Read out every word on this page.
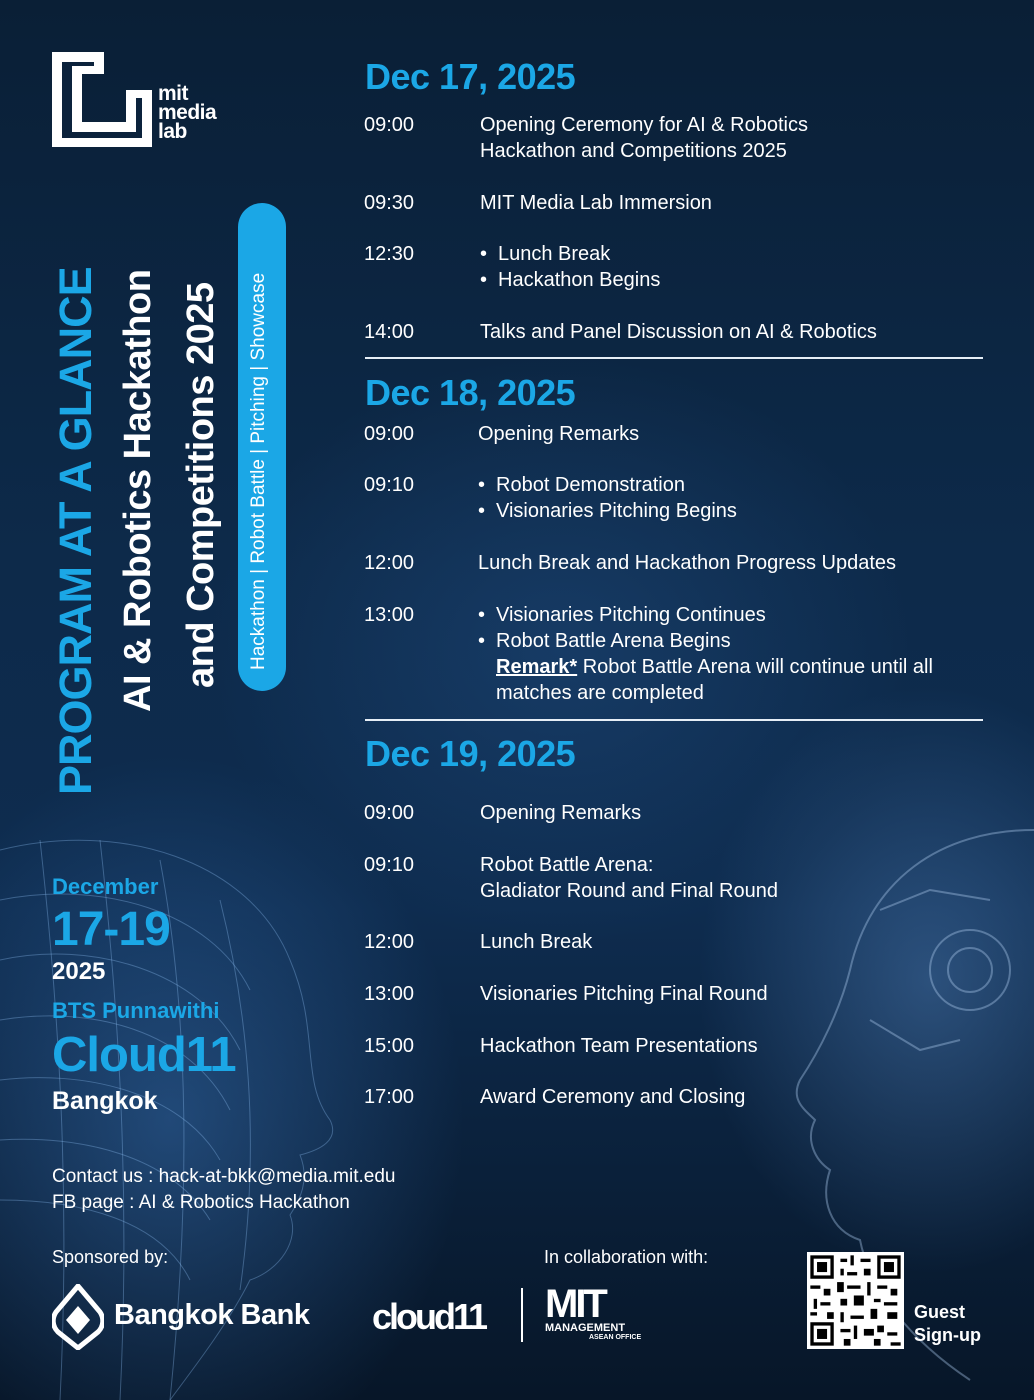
mit
media
lab
PROGRAM AT A GLANCE AI & Robotics Hackathon and Competitions 2025 Hackathon | Robot Battle | Pitching | Showcase
December
17-19
2025
BTS Punnawithi
Cloud11
Bangkok
Contact us : hack-at-bkk@media.mit.edu
FB page : AI & Robotics Hackathon
Dec 17, 2025
09:00	Opening Ceremony for AI & Robotics
Hackathon and Competitions 2025
09:30	MIT Media Lab Immersion
12:30	• Lunch Break
• Hackathon Begins
14:00	Talks and Panel Discussion on AI & Robotics
Dec 18, 2025
09:00	Opening Remarks
09:10	• Robot Demonstration
• Visionaries Pitching Begins
12:00	Lunch Break and Hackathon Progress Updates
13:00	• Visionaries Pitching Continues
• Robot Battle Arena Begins
Remark* Robot Battle Arena will continue until all matches are completed
Dec 19, 2025
09:00	Opening Remarks
09:10	Robot Battle Arena:
Gladiator Round and Final Round
12:00	Lunch Break
13:00	Visionaries Pitching Final Round
15:00	Hackathon Team Presentations
17:00	Award Ceremony and Closing
Sponsored by:	In collaboration with:
Bangkok Bank cloud11 MIT
MANAGEMENT
ASEAN OFFICE
Guest
Sign-up
